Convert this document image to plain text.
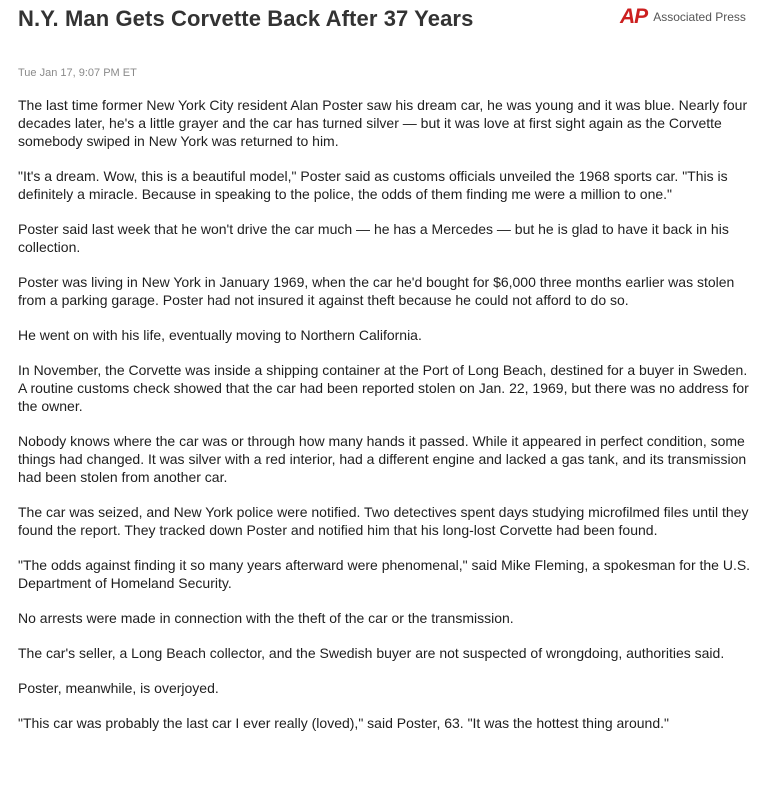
N.Y. Man Gets Corvette Back After 37 Years	AP Associated Press

Tue Jan 17, 9:07 PM ET

The last time former New York City resident Alan Poster saw his dream car, he was young and it was blue. Nearly four decades later, he's a little grayer and the car has turned silver — but it was love at first sight again as the Corvette somebody swiped in New York was returned to him.

"It's a dream. Wow, this is a beautiful model," Poster said as customs officials unveiled the 1968 sports car. "This is definitely a miracle. Because in speaking to the police, the odds of them finding me were a million to one."

Poster said last week that he won't drive the car much — he has a Mercedes — but he is glad to have it back in his collection.

Poster was living in New York in January 1969, when the car he'd bought for $6,000 three months earlier was stolen from a parking garage. Poster had not insured it against theft because he could not afford to do so.

He went on with his life, eventually moving to Northern California.

In November, the Corvette was inside a shipping container at the Port of Long Beach, destined for a buyer in Sweden. A routine customs check showed that the car had been reported stolen on Jan. 22, 1969, but there was no address for the owner.

Nobody knows where the car was or through how many hands it passed. While it appeared in perfect condition, some things had changed. It was silver with a red interior, had a different engine and lacked a gas tank, and its transmission had been stolen from another car.

The car was seized, and New York police were notified. Two detectives spent days studying microfilmed files until they found the report. They tracked down Poster and notified him that his long-lost Corvette had been found.

"The odds against finding it so many years afterward were phenomenal," said Mike Fleming, a spokesman for the U.S. Department of Homeland Security.

No arrests were made in connection with the theft of the car or the transmission.

The car's seller, a Long Beach collector, and the Swedish buyer are not suspected of wrongdoing, authorities said.

Poster, meanwhile, is overjoyed.

"This car was probably the last car I ever really (loved)," said Poster, 63. "It was the hottest thing around."
